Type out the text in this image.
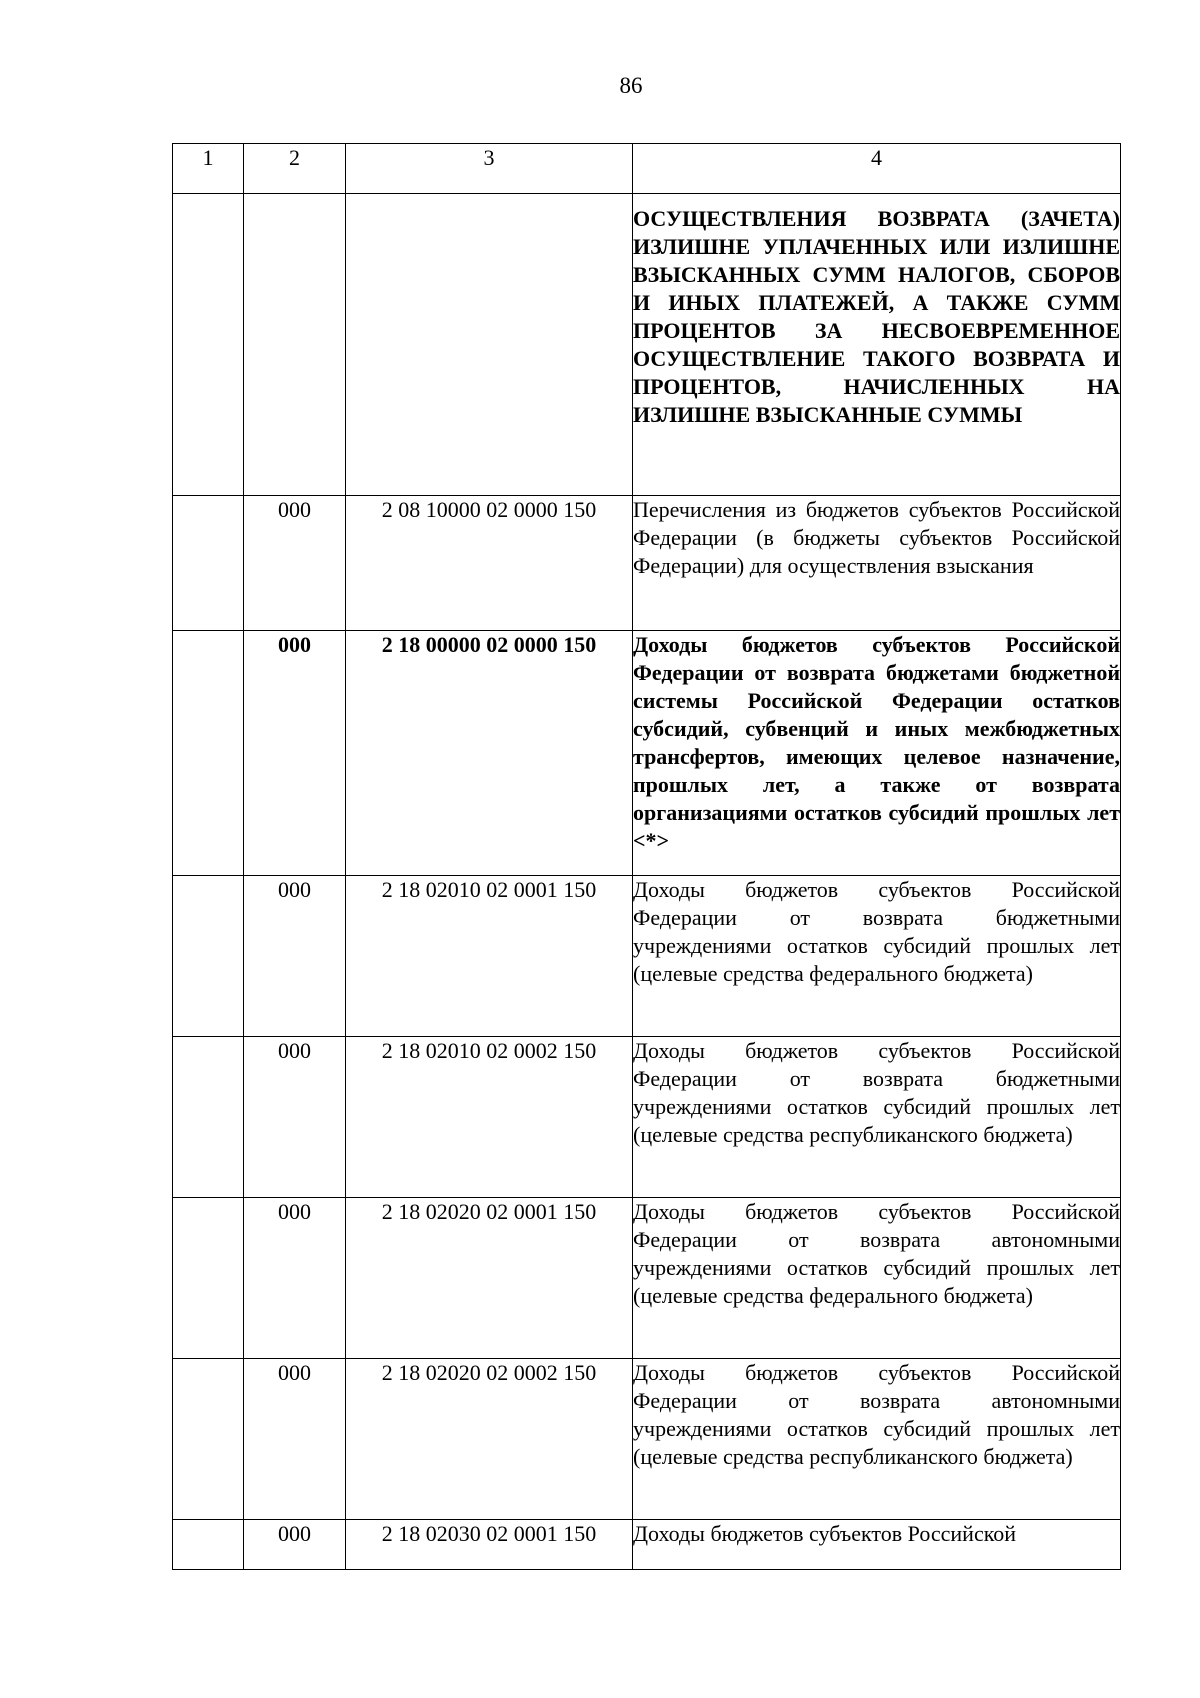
86
1	2	3	4
			ОСУЩЕСТВЛЕНИЯ ВОЗВРАТА (ЗАЧЕТА) ИЗЛИШНЕ УПЛАЧЕННЫХ ИЛИ ИЗЛИШНЕ ВЗЫСКАННЫХ СУММ НАЛОГОВ, СБОРОВ И ИНЫХ ПЛАТЕЖЕЙ, А ТАКЖЕ СУММ ПРОЦЕНТОВ ЗА НЕСВОЕВРЕМЕННОЕ ОСУЩЕСТВЛЕНИЕ ТАКОГО ВОЗВРАТА И ПРОЦЕНТОВ, НАЧИСЛЕННЫХ НА ИЗЛИШНЕ ВЗЫСКАННЫЕ СУММЫ
	000	2 08 10000 02 0000 150	Перечисления из бюджетов субъектов Российской Федерации (в бюджеты субъектов Российской Федерации) для осуществления взыскания
	000	2 18 00000 02 0000 150	Доходы бюджетов субъектов Российской Федерации от возврата бюджетами бюджетной системы Российской Федерации остатков субсидий, субвенций и иных межбюджетных трансфертов, имеющих целевое назначение, прошлых лет, а также от возврата организациями остатков субсидий прошлых лет <*>
	000	2 18 02010 02 0001 150	Доходы бюджетов субъектов Российской Федерации от возврата бюджетными учреждениями остатков субсидий прошлых лет (целевые средства федерального бюджета)
	000	2 18 02010 02 0002 150	Доходы бюджетов субъектов Российской Федерации от возврата бюджетными учреждениями остатков субсидий прошлых лет (целевые средства республиканского бюджета)
	000	2 18 02020 02 0001 150	Доходы бюджетов субъектов Российской Федерации от возврата автономными учреждениями остатков субсидий прошлых лет (целевые средства федерального бюджета)
	000	2 18 02020 02 0002 150	Доходы бюджетов субъектов Российской Федерации от возврата автономными учреждениями остатков субсидий прошлых лет (целевые средства республиканского бюджета)
	000	2 18 02030 02 0001 150	Доходы бюджетов субъектов Российской
